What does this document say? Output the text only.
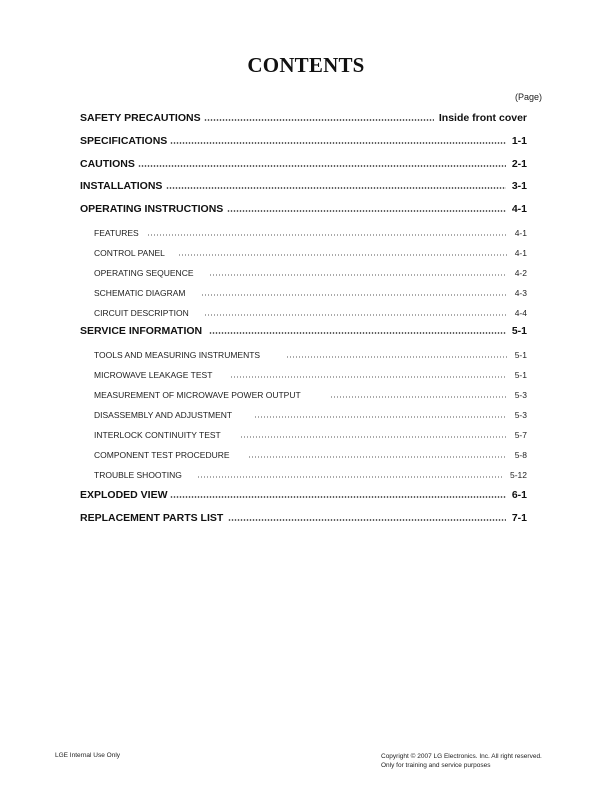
CONTENTS
(Page)
SAFETY PRECAUTIONS	Inside front cover
SPECIFICATIONS	1-1
CAUTIONS	2-1
INSTALLATIONS	3-1
OPERATING INSTRUCTIONS	4-1
FEATURES	4-1
CONTROL PANEL	4-1
OPERATING SEQUENCE	4-2
SCHEMATIC DIAGRAM	4-3
CIRCUIT DESCRIPTION	4-4
SERVICE INFORMATION	5-1
TOOLS AND MEASURING INSTRUMENTS	5-1
MICROWAVE LEAKAGE TEST	5-1
MEASUREMENT OF MICROWAVE POWER OUTPUT	5-3
DISASSEMBLY AND ADJUSTMENT	5-3
INTERLOCK CONTINUITY TEST	5-7
COMPONENT TEST PROCEDURE	5-8
TROUBLE SHOOTING	5-12
EXPLODED VIEW	6-1
REPLACEMENT PARTS LIST	7-1
LGE Internal Use Only	Copyright © 2007 LG Electronics. Inc. All right reserved.
Only for training and service purposes
